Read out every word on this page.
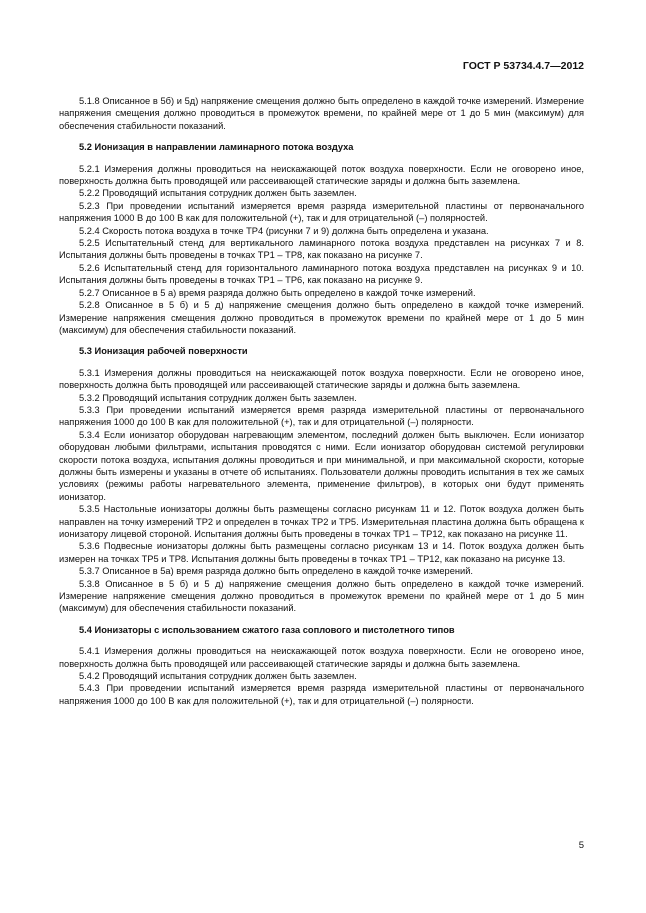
ГОСТ Р 53734.4.7—2012

5.1.8 Описанное в 5б) и 5д) напряжение смещения должно быть определено в каждой точке измерений. Измерение напряжения смещения должно проводиться в промежуток времени, по крайней мере от 1 до 5 мин (максимум) для обеспечения стабильности показаний.

5.2 Ионизация в направлении ламинарного потока воздуха

5.2.1 Измерения должны проводиться на неискажающей поток воздуха поверхности. Если не оговорено иное, поверхность должна быть проводящей или рассеивающей статические заряды и должна быть заземлена.

5.2.2 Проводящий испытания сотрудник должен быть заземлен.

5.2.3 При проведении испытаний измеряется время разряда измерительной пластины от первоначального напряжения 1000 В до 100 В как для положительной (+), так и для отрицательной (–) полярностей.

5.2.4 Скорость потока воздуха в точке ТР4 (рисунки 7 и 9) должна быть определена и указана.

5.2.5 Испытательный стенд для вертикального ламинарного потока воздуха представлен на рисунках 7 и 8. Испытания должны быть проведены в точках ТР1 – ТР8, как показано на рисунке 7.

5.2.6 Испытательный стенд для горизонтального ламинарного потока воздуха представлен на рисунках 9 и 10. Испытания должны быть проведены в точках ТР1 – ТР6, как показано на рисунке 9.

5.2.7 Описанное в 5 а) время разряда должно быть определено в каждой точке измерений.

5.2.8 Описанное в 5 б) и 5 д) напряжение смещения должно быть определено в каждой точке измерений. Измерение напряжения смещения должно проводиться в промежуток времени по крайней мере от 1 до 5 мин (максимум) для обеспечения стабильности показаний.

5.3 Ионизация рабочей поверхности

5.3.1 Измерения должны проводиться на неискажающей поток воздуха поверхности. Если не оговорено иное, поверхность должна быть проводящей или рассеивающей статические заряды и должна быть заземлена.

5.3.2 Проводящий испытания сотрудник должен быть заземлен.

5.3.3 При проведении испытаний измеряется время разряда измерительной пластины от первоначального напряжения 1000 до 100 В как для положительной (+), так и для отрицательной (–) полярности.

5.3.4 Если ионизатор оборудован нагревающим элементом, последний должен быть выключен. Если ионизатор оборудован любыми фильтрами, испытания проводятся с ними. Если ионизатор оборудован системой регулировки скорости потока воздуха, испытания должны проводиться и при минимальной, и при максимальной скорости, которые должны быть измерены и указаны в отчете об испытаниях. Пользователи должны проводить испытания в тех же самых условиях (режимы работы нагревательного элемента, применение фильтров), в которых они будут применять ионизатор.

5.3.5 Настольные ионизаторы должны быть размещены согласно рисункам 11 и 12. Поток воздуха должен быть направлен на точку измерений ТР2 и определен в точках ТР2 и ТР5. Измерительная пластина должна быть обращена к ионизатору лицевой стороной. Испытания должны быть проведены в точках ТР1 – ТР12, как показано на рисунке 11.

5.3.6 Подвесные ионизаторы должны быть размещены согласно рисункам 13 и 14. Поток воздуха должен быть измерен на точках ТР5 и ТР8. Испытания должны быть проведены в точках ТР1 – ТР12, как показано на рисунке 13.

5.3.7 Описанное в 5а) время разряда должно быть определено в каждой точке измерений.

5.3.8 Описанное в 5 б) и 5 д) напряжение смещения должно быть определено в каждой точке измерений. Измерение напряжение смещения должно проводиться в промежуток времени по крайней мере от 1 до 5 мин (максимум) для обеспечения стабильности показаний.

5.4 Ионизаторы с использованием сжатого газа соплового и пистолетного типов

5.4.1 Измерения должны проводиться на неискажающей поток воздуха поверхности. Если не оговорено иное, поверхность должна быть проводящей или рассеивающей статические заряды и должна быть заземлена.

5.4.2 Проводящий испытания сотрудник должен быть заземлен.

5.4.3 При проведении испытаний измеряется время разряда измерительной пластины от первоначального напряжения 1000 до 100 В как для положительной (+), так и для отрицательной (–) полярности.

5
